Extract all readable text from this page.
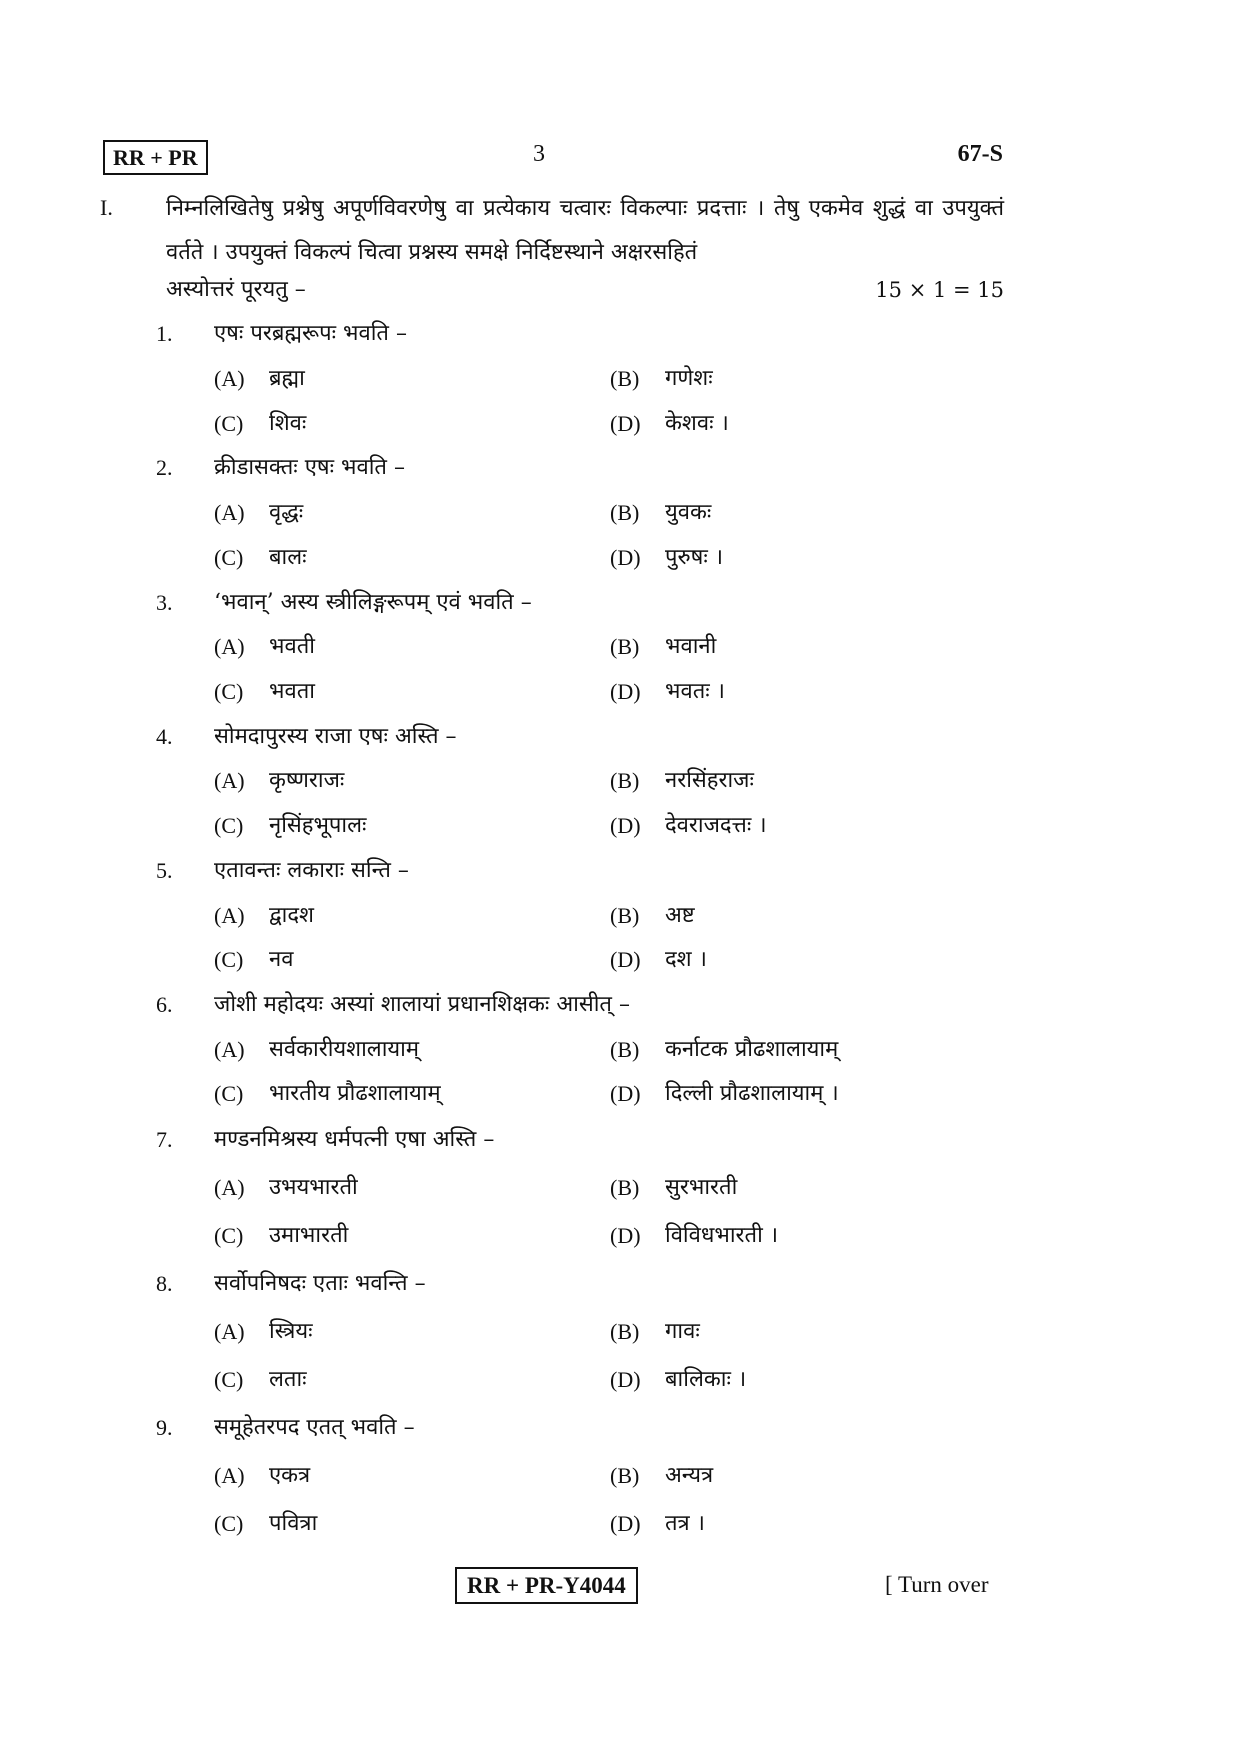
RR + PR	3	67-S
I. निम्नलिखितेषु प्रश्नेषु अपूर्णविवरणेषु वा प्रत्येकाय चत्वारः विकल्पाः प्रदत्ताः । तेषु एकमेव शुद्धं वा उपयुक्तं वर्तते । उपयुक्तं विकल्पं चित्वा प्रश्नस्य समक्षे निर्दिष्टस्थाने अक्षरसहितं
अस्योत्तरं पूरयतु –	15 × 1 = 15
1. एषः परब्रह्मरूपः भवति –
(A) ब्रह्मा	(B) गणेशः
(C) शिवः	(D) केशवः ।
2. क्रीडासक्तः एषः भवति –
(A) वृद्धः	(B) युवकः
(C) बालः	(D) पुरुषः ।
3. ‘भवान्’ अस्य स्त्रीलिङ्गरूपम् एवं भवति –
(A) भवती	(B) भवानी
(C) भवता	(D) भवतः ।
4. सोमदापुरस्य राजा एषः अस्ति –
(A) कृष्णराजः	(B) नरसिंहराजः
(C) नृसिंहभूपालः	(D) देवराजदत्तः ।
5. एतावन्तः लकाराः सन्ति –
(A) द्वादश	(B) अष्ट
(C) नव	(D) दश ।
6. जोशी महोदयः अस्यां शालायां प्रधानशिक्षकः आसीत् –
(A) सर्वकारीयशालायाम्	(B) कर्नाटक प्रौढशालायाम्
(C) भारतीय प्रौढशालायाम्	(D) दिल्ली प्रौढशालायाम् ।
7. मण्डनमिश्रस्य धर्मपत्नी एषा अस्ति –
(A) उभयभारती	(B) सुरभारती
(C) उमाभारती	(D) विविधभारती ।
8. सर्वोपनिषदः एताः भवन्ति –
(A) स्त्रियः	(B) गावः
(C) लताः	(D) बालिकाः ।
9. समूहेतरपद एतत् भवति –
(A) एकत्र	(B) अन्यत्र
(C) पवित्रा	(D) तत्र ।
RR + PR-Y4044	[ Turn over
